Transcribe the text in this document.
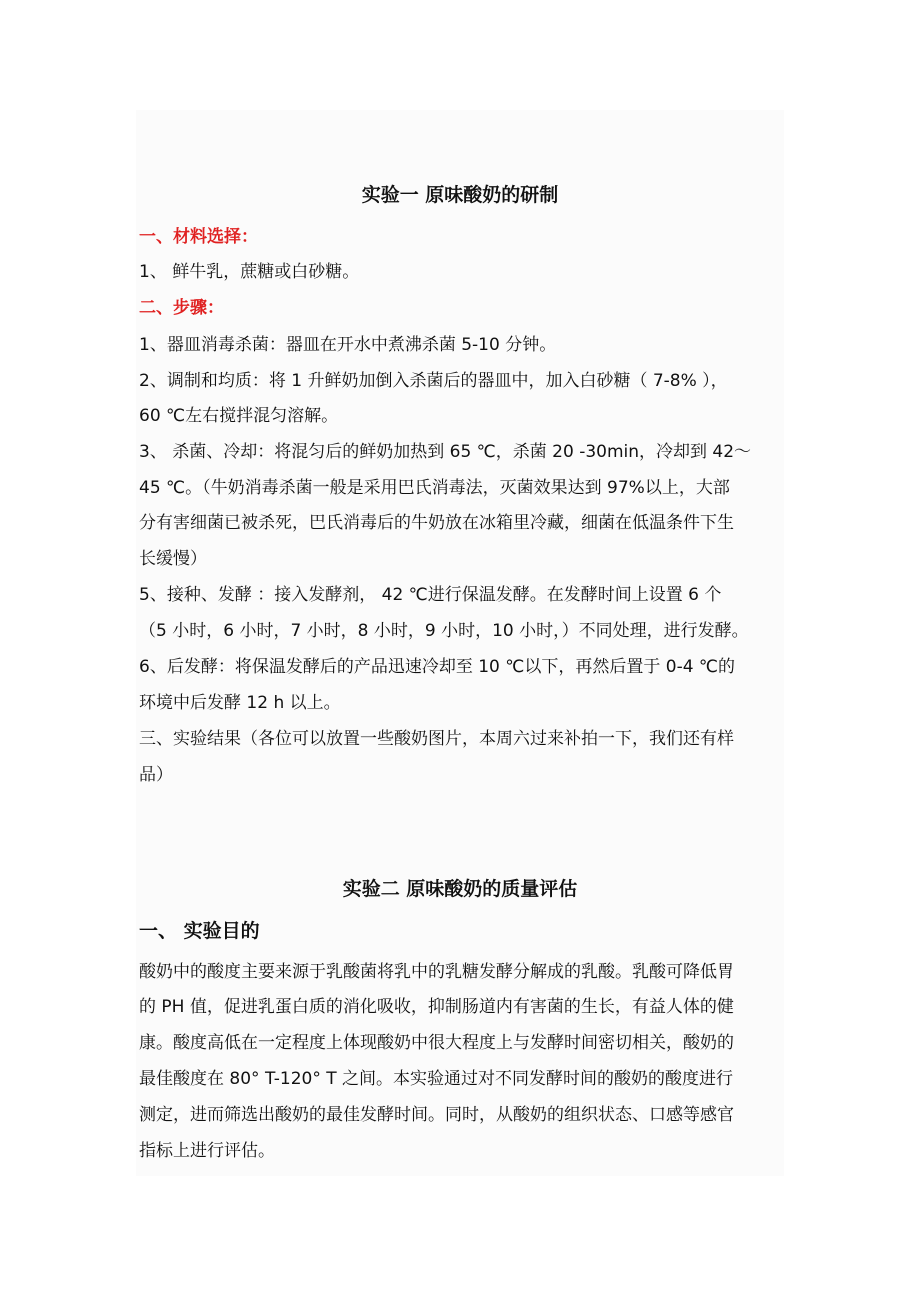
实验一 原味酸奶的研制
一、材料选择：
1、 鲜牛乳，蔗糖或白砂糖。
二、步骤：
1、器皿消毒杀菌：器皿在开水中煮沸杀菌 5-10 分钟。
2、调制和均质：将 1 升鲜奶加倒入杀菌后的器皿中，加入白砂糖（ 7-8% ），
60 ℃左右搅拌混匀溶解。
3、 杀菌、冷却：将混匀后的鲜奶加热到 65 ℃，杀菌 20 -30min，冷却到 42～
45 ℃。（牛奶消毒杀菌一般是采用巴氏消毒法，灭菌效果达到 97%以上，大部
分有害细菌已被杀死，巴氏消毒后的牛奶放在冰箱里冷藏，细菌在低温条件下生
长缓慢）
5、接种、发酵 ：接入发酵剂， 42 ℃进行保温发酵。在发酵时间上设置 6 个
（5 小时，6 小时，7 小时，8 小时，9 小时，10 小时，）不同处理，进行发酵。
6、后发酵：将保温发酵后的产品迅速冷却至 10 ℃以下，再然后置于 0-4 ℃的
环境中后发酵 12 h 以上。
三、实验结果（各位可以放置一些酸奶图片，本周六过来补拍一下，我们还有样
品）
实验二 原味酸奶的质量评估
一、 实验目的
酸奶中的酸度主要来源于乳酸菌将乳中的乳糖发酵分解成的乳酸。乳酸可降低胃
的 PH 值，促进乳蛋白质的消化吸收，抑制肠道内有害菌的生长，有益人体的健
康。酸度高低在一定程度上体现酸奶中很大程度上与发酵时间密切相关，酸奶的
最佳酸度在 80° T-120° T 之间。本实验通过对不同发酵时间的酸奶的酸度进行
测定，进而筛选出酸奶的最佳发酵时间。同时，从酸奶的组织状态、口感等感官
指标上进行评估。
